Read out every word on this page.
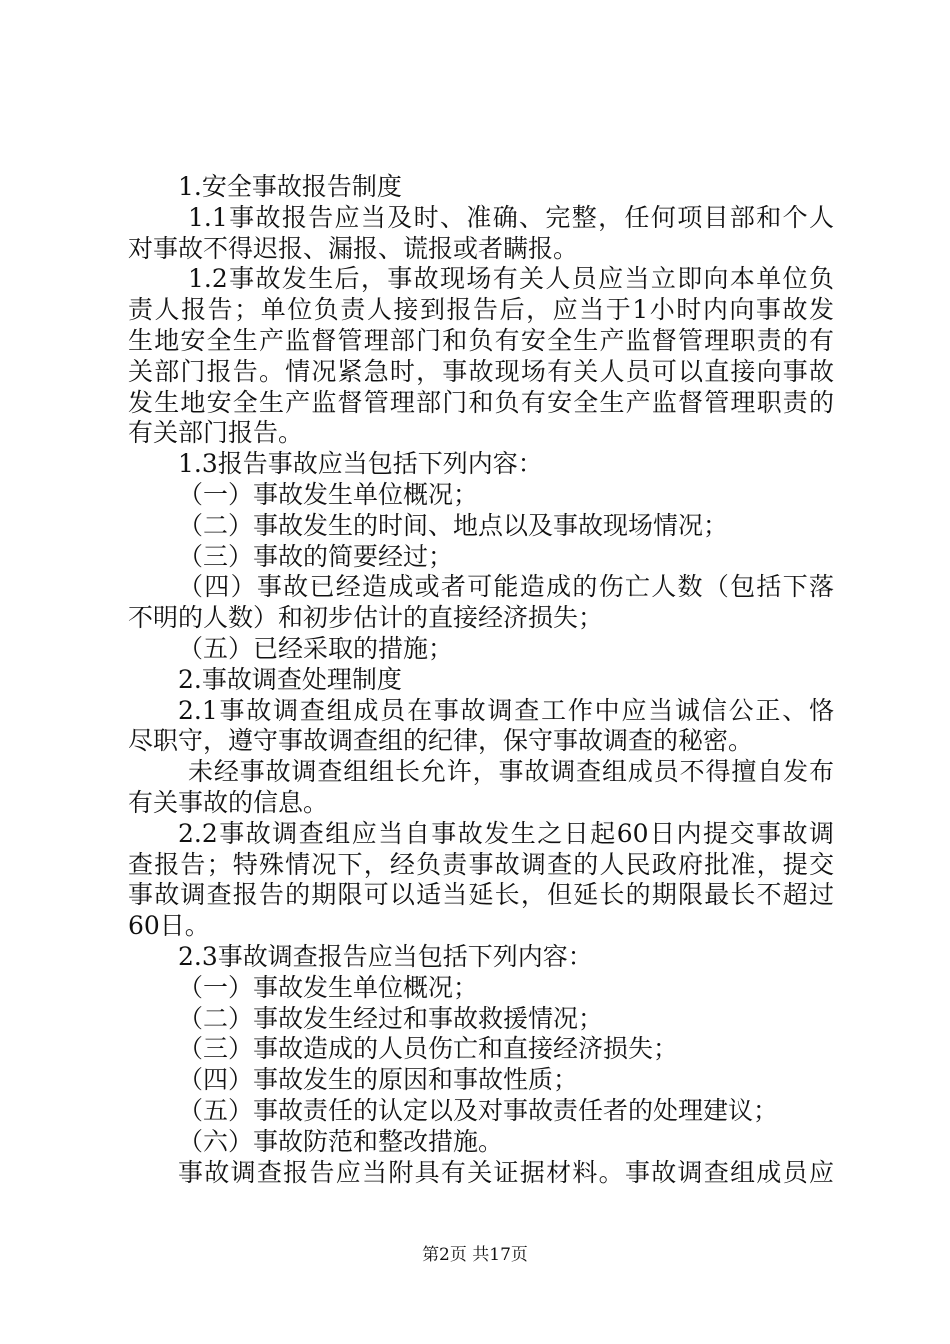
1.安全事故报告制度
1.1事故报告应当及时、准确、完整，任何项目部和个人
对事故不得迟报、漏报、谎报或者瞒报。
1.2事故发生后，事故现场有关人员应当立即向本单位负
责人报告；单位负责人接到报告后，应当于1小时内向事故发
生地安全生产监督管理部门和负有安全生产监督管理职责的有
关部门报告。情况紧急时，事故现场有关人员可以直接向事故
发生地安全生产监督管理部门和负有安全生产监督管理职责的
有关部门报告。
1.3报告事故应当包括下列内容：
（一）事故发生单位概况；
（二）事故发生的时间、地点以及事故现场情况；
（三）事故的简要经过；
（四）事故已经造成或者可能造成的伤亡人数（包括下落
不明的人数）和初步估计的直接经济损失；
（五）已经采取的措施；
2.事故调查处理制度
2.1事故调查组成员在事故调查工作中应当诚信公正、恪
尽职守，遵守事故调查组的纪律，保守事故调查的秘密。
未经事故调查组组长允许，事故调查组成员不得擅自发布
有关事故的信息。
2.2事故调查组应当自事故发生之日起60日内提交事故调
查报告；特殊情况下，经负责事故调查的人民政府批准，提交
事故调查报告的期限可以适当延长，但延长的期限最长不超过
60日。
2.3事故调查报告应当包括下列内容：
（一）事故发生单位概况；
（二）事故发生经过和事故救援情况；
（三）事故造成的人员伤亡和直接经济损失；
（四）事故发生的原因和事故性质；
（五）事故责任的认定以及对事故责任者的处理建议；
（六）事故防范和整改措施。
事故调查报告应当附具有关证据材料。事故调查组成员应
第2页 共17页
